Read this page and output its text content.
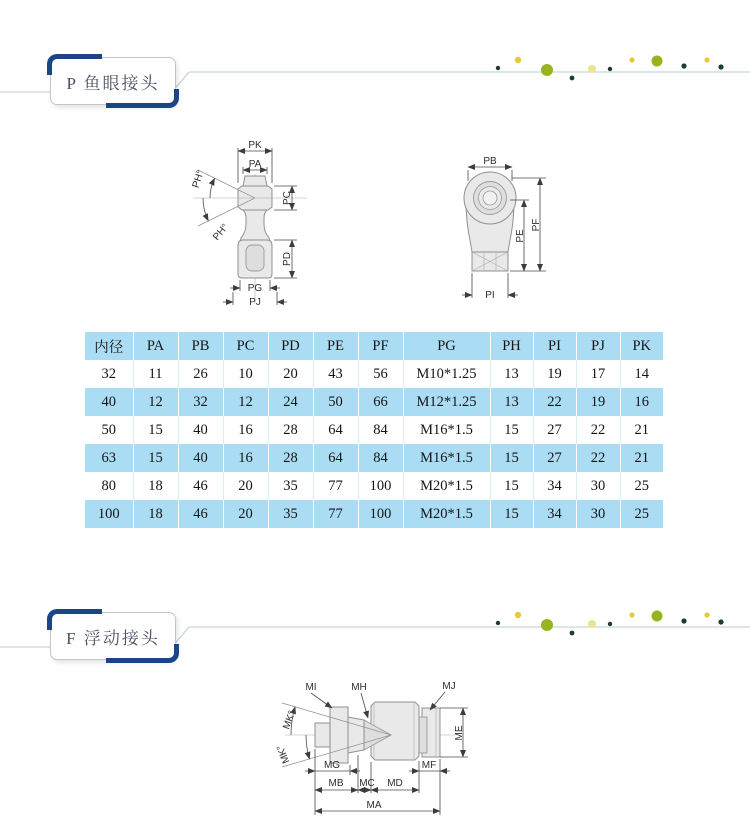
P 鱼眼接头
PK
PA
PH°
PH°
PC
PD
PG
PJ
PB
PE
PF
PI
内径	PA	PB	PC	PD	PE	PF	PG	PH	PI	PJ	PK
32	11	26	10	20	43	56	M10*1.25	13	19	17	14
40	12	32	12	24	50	66	M12*1.25	13	22	19	16
50	15	40	16	28	64	84	M16*1.5	15	27	22	21
63	15	40	16	28	64	84	M16*1.5	15	27	22	21
80	18	46	20	35	77	100	M20*1.5	15	34	30	25
100	18	46	20	35	77	100	M20*1.5	15	34	30	25
F 浮动接头
MI	MH	MJ
MK°
MK°
ME
MG	MF
MB MC MD
MA
